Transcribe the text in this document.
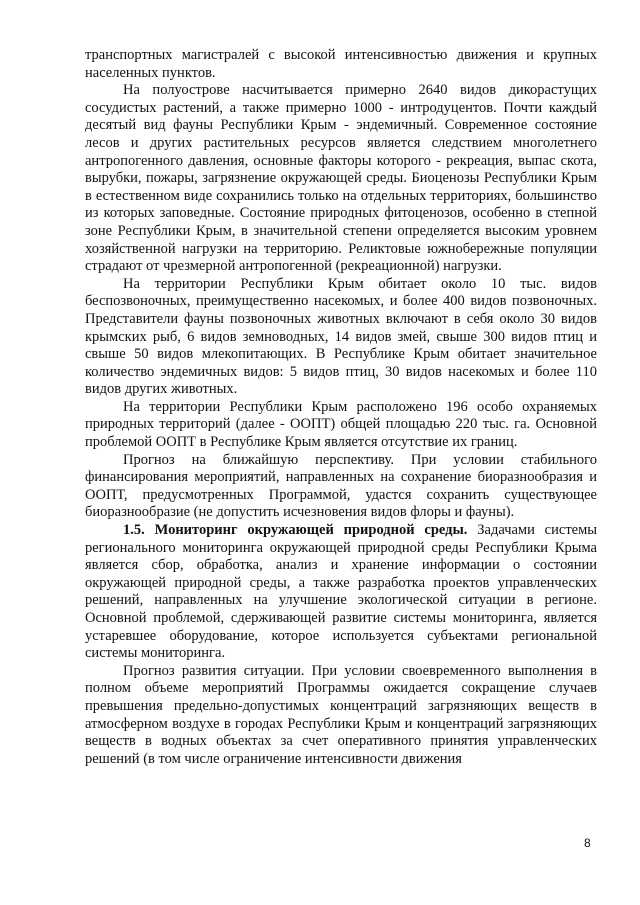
транспортных магистралей с высокой интенсивностью движения и крупных населенных пунктов.

На полуострове насчитывается примерно 2640 видов дикорастущих сосудистых растений, а также примерно 1000 - интродуцентов. Почти каждый десятый вид фауны Республики Крым - эндемичный. Современное состояние лесов и других растительных ресурсов является следствием многолетнего антропогенного давления, основные факторы которого - рекреация, выпас скота, вырубки, пожары, загрязнение окружающей среды. Биоценозы Республики Крым в естественном виде сохранились только на отдельных территориях, большинство из которых заповедные. Состояние природных фитоценозов, особенно в степной зоне Республики Крым, в значительной степени определяется высоким уровнем хозяйственной нагрузки на территорию. Реликтовые южнобережные популяции страдают от чрезмерной антропогенной (рекреационной) нагрузки.

На территории Республики Крым обитает около 10 тыс. видов беспозвоночных, преимущественно насекомых, и более 400 видов позвоночных. Представители фауны позвоночных животных включают в себя около 30 видов крымских рыб, 6 видов земноводных, 14 видов змей, свыше 300 видов птиц и свыше 50 видов млекопитающих. В Республике Крым обитает значительное количество эндемичных видов: 5 видов птиц, 30 видов насекомых и более 110 видов других животных.

На территории Республики Крым расположено 196 особо охраняемых природных территорий (далее - ООПТ) общей площадью 220 тыс. га. Основной проблемой ООПТ в Республике Крым является отсутствие их границ.

Прогноз на ближайшую перспективу. При условии стабильного финансирования мероприятий, направленных на сохранение биоразнообразия и ООПТ, предусмотренных Программой, удастся сохранить существующее биоразнообразие (не допустить исчезновения видов флоры и фауны).

1.5. Мониторинг окружающей природной среды. Задачами системы регионального мониторинга окружающей природной среды Республики Крыма является сбор, обработка, анализ и хранение информации о состоянии окружающей природной среды, а также разработка проектов управленческих решений, направленных на улучшение экологической ситуации в регионе. Основной проблемой, сдерживающей развитие системы мониторинга, является устаревшее оборудование, которое используется субъектами региональной системы мониторинга.

Прогноз развития ситуации. При условии своевременного выполнения в полном объеме мероприятий Программы ожидается сокращение случаев превышения предельно-допустимых концентраций загрязняющих веществ в атмосферном воздухе в городах Республики Крым и концентраций загрязняющих веществ в водных объектах за счет оперативного принятия управленческих решений (в том числе ограничение интенсивности движения

8
